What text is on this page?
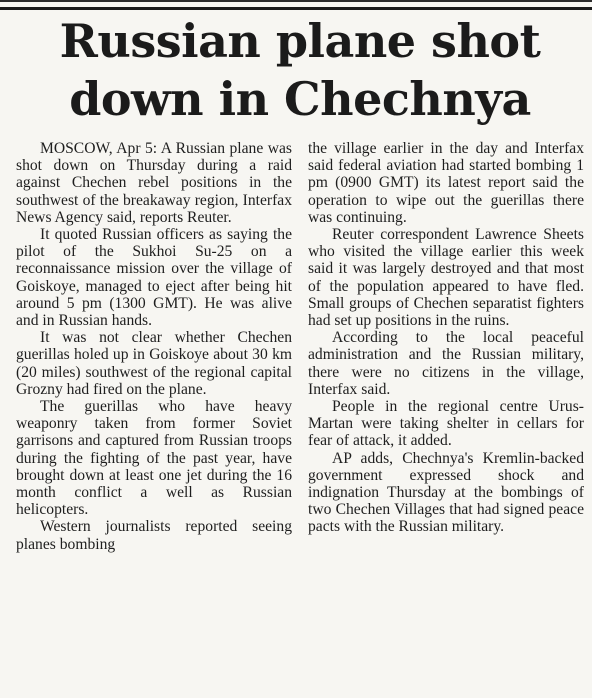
Russian plane shot down in Chechnya

MOSCOW, Apr 5: A Russian plane was shot down on Thursday during a raid against Chechen rebel positions in the southwest of the breakaway region, Interfax News Agency said, reports Reuter.

It quoted Russian officers as saying the pilot of the Sukhoi Su-25 on a reconnaissance mission over the village of Goiskoye, managed to eject after being hit around 5 pm (1300 GMT). He was alive and in Russian hands.

It was not clear whether Chechen guerillas holed up in Goiskoye about 30 km (20 miles) southwest of the regional capital Grozny had fired on the plane.

The guerillas who have heavy weaponry taken from former Soviet garrisons and captured from Russian troops during the fighting of the past year, have brought down at least one jet during the 16 month conflict a well as Russian helicopters.

Western journalists reported seeing planes bombing

the village earlier in the day and Interfax said federal aviation had started bombing 1 pm (0900 GMT) its latest report said the operation to wipe out the guerillas there was continuing.

Reuter correspondent Lawrence Sheets who visited the village earlier this week said it was largely destroyed and that most of the population appeared to have fled. Small groups of Chechen separatist fighters had set up positions in the ruins.

According to the local peaceful administration and the Russian military, there were no citizens in the village, Interfax said.

People in the regional centre Urus-Martan were taking shelter in cellars for fear of attack, it added.

AP adds, Chechnya's Kremlin-backed government expressed shock and indignation Thursday at the bombings of two Chechen Villages that had signed peace pacts with the Russian military.
